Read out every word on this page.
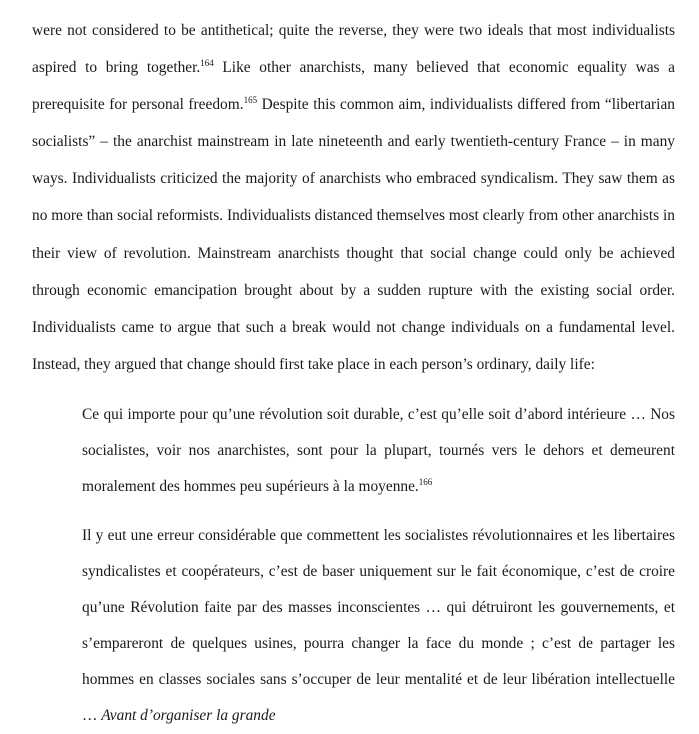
were not considered to be antithetical; quite the reverse, they were two ideals that most individualists aspired to bring together.$^{164}$ Like other anarchists, many believed that economic equality was a prerequisite for personal freedom.$^{165}$ Despite this common aim, individualists differed from “libertarian socialists” – the anarchist mainstream in late nineteenth and early twentieth-century France – in many ways. Individualists criticized the majority of anarchists who embraced syndicalism. They saw them as no more than social reformists. Individualists distanced themselves most clearly from other anarchists in their view of revolution. Mainstream anarchists thought that social change could only be achieved through economic emancipation brought about by a sudden rupture with the existing social order. Individualists came to argue that such a break would not change individuals on a fundamental level. Instead, they argued that change should first take place in each person’s ordinary, daily life:

Ce qui importe pour qu’une révolution soit durable, c’est qu’elle soit d’abord intérieure … Nos socialistes, voir nos anarchistes, sont pour la plupart, tournés vers le dehors et demeurent moralement des hommes peu supérieurs à la moyenne.$^{166}$

Il y eut une erreur considérable que commettent les socialistes révolutionnaires et les libertaires syndicalistes et coopérateurs, c’est de baser uniquement sur le fait économique, c’est de croire qu’une Révolution faite par des masses inconscientes … qui détruiront les gouvernements, et s’empareront de quelques usines, pourra changer la face du monde ; c’est de partager les hommes en classes sociales sans s’occuper de leur mentalité et de leur libération intellectuelle … Avant d’organiser la grande
